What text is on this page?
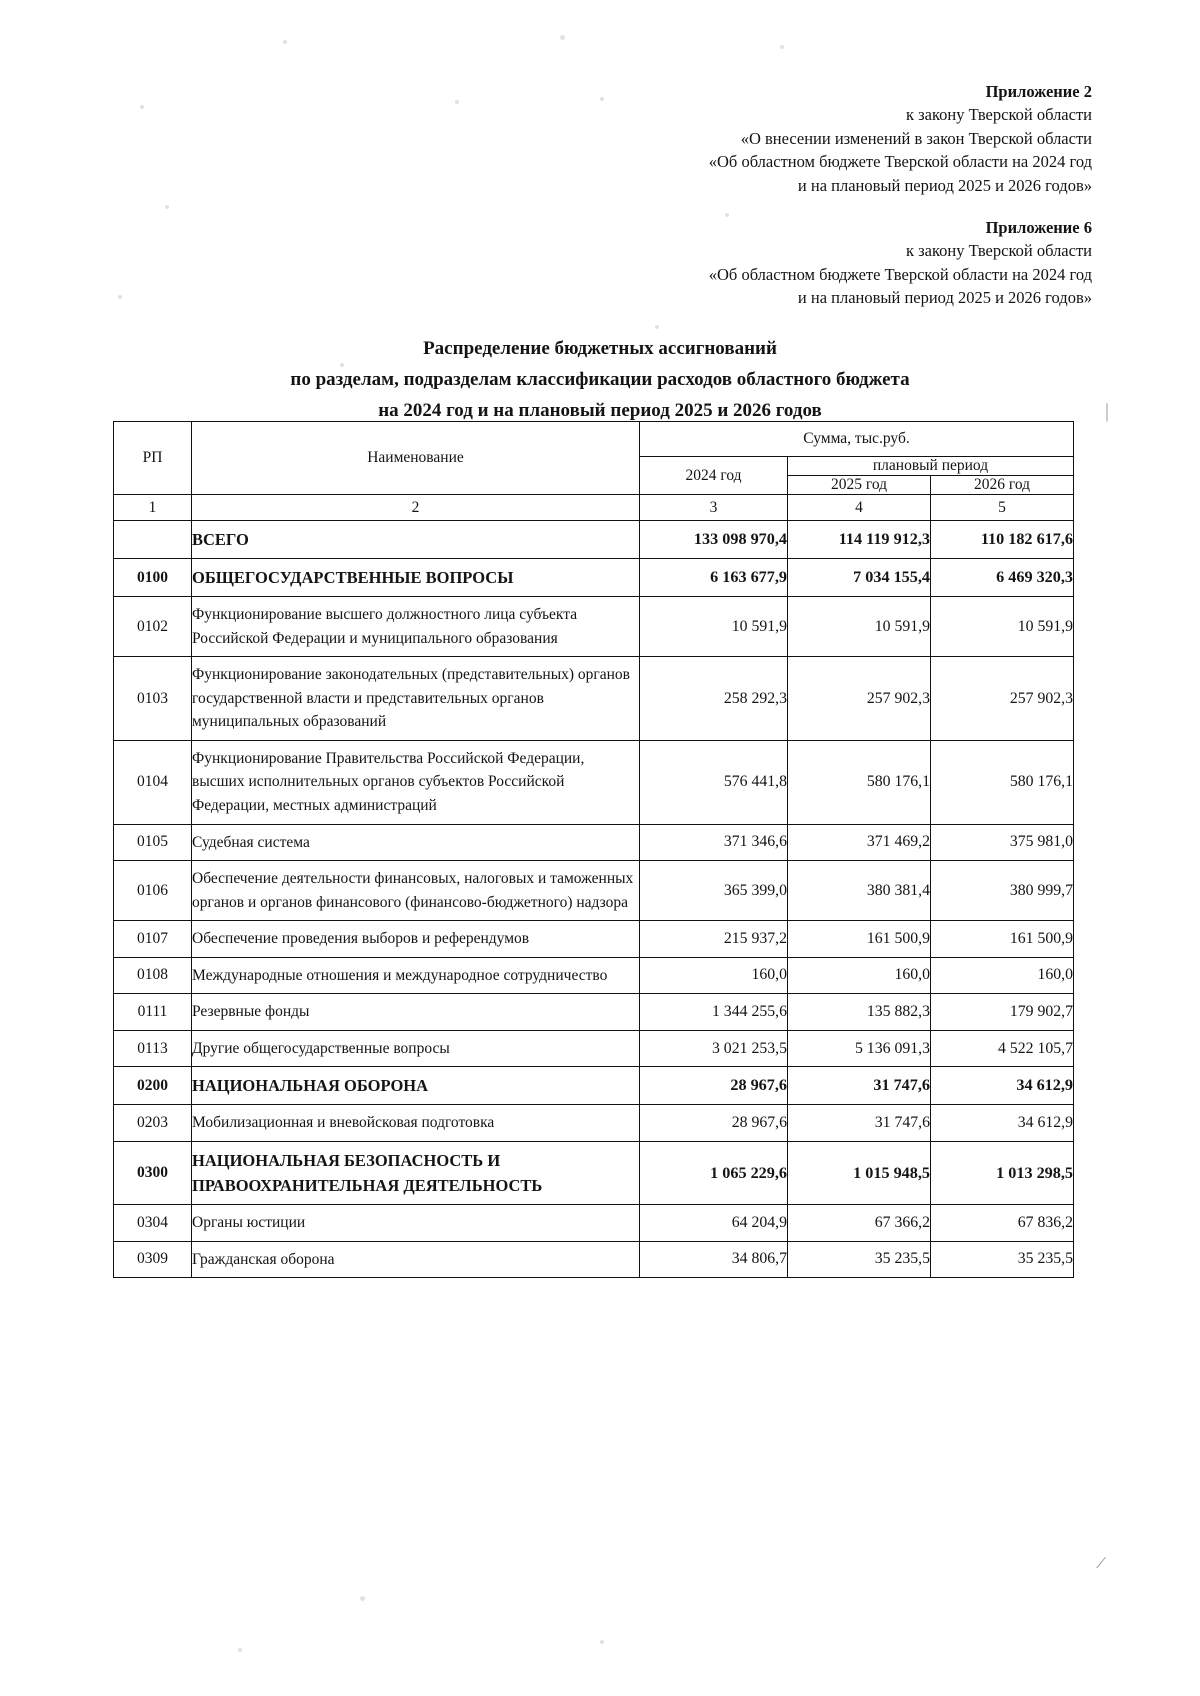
Приложение 2
к закону Тверской области
«О внесении изменений в закон Тверской области
«Об областном бюджете Тверской области на 2024 год
и на плановый период 2025 и 2026 годов»
Приложение 6
к закону Тверской области
«Об областном бюджете Тверской области на 2024 год
и на плановый период 2025 и 2026 годов»
Распределение бюджетных ассигнований
по разделам, подразделам классификации расходов областного бюджета
на 2024 год и на плановый период 2025 и 2026 годов
РП	Наименование	Сумма, тыс.руб.		
		2024 год	плановый период	
			2025 год	2026 год
1	2	3	4	5
	ВСЕГО	133 098 970,4	114 119 912,3	110 182 617,6
0100	ОБЩЕГОСУДАРСТВЕННЫЕ ВОПРОСЫ	6 163 677,9	7 034 155,4	6 469 320,3
0102	Функционирование высшего должностного лица субъекта Российской Федерации и муниципального образования	10 591,9	10 591,9	10 591,9
0103	Функционирование законодательных (представительных) органов государственной власти и представительных органов муниципальных образований	258 292,3	257 902,3	257 902,3
0104	Функционирование Правительства Российской Федерации, высших исполнительных органов субъектов Российской Федерации, местных администраций	576 441,8	580 176,1	580 176,1
0105	Судебная система	371 346,6	371 469,2	375 981,0
0106	Обеспечение деятельности финансовых, налоговых и таможенных органов и органов финансового (финансово-бюджетного) надзора	365 399,0	380 381,4	380 999,7
0107	Обеспечение проведения выборов и референдумов	215 937,2	161 500,9	161 500,9
0108	Международные отношения и международное сотрудничество	160,0	160,0	160,0
0111	Резервные фонды	1 344 255,6	135 882,3	179 902,7
0113	Другие общегосударственные вопросы	3 021 253,5	5 136 091,3	4 522 105,7
0200	НАЦИОНАЛЬНАЯ ОБОРОНА	28 967,6	31 747,6	34 612,9
0203	Мобилизационная и вневойсковая подготовка	28 967,6	31 747,6	34 612,9
0300	НАЦИОНАЛЬНАЯ БЕЗОПАСНОСТЬ И ПРАВООХРАНИТЕЛЬНАЯ ДЕЯТЕЛЬНОСТЬ	1 065 229,6	1 015 948,5	1 013 298,5
0304	Органы юстиции	64 204,9	67 366,2	67 836,2
0309	Гражданская оборона	34 806,7	35 235,5	35 235,5
|
/
